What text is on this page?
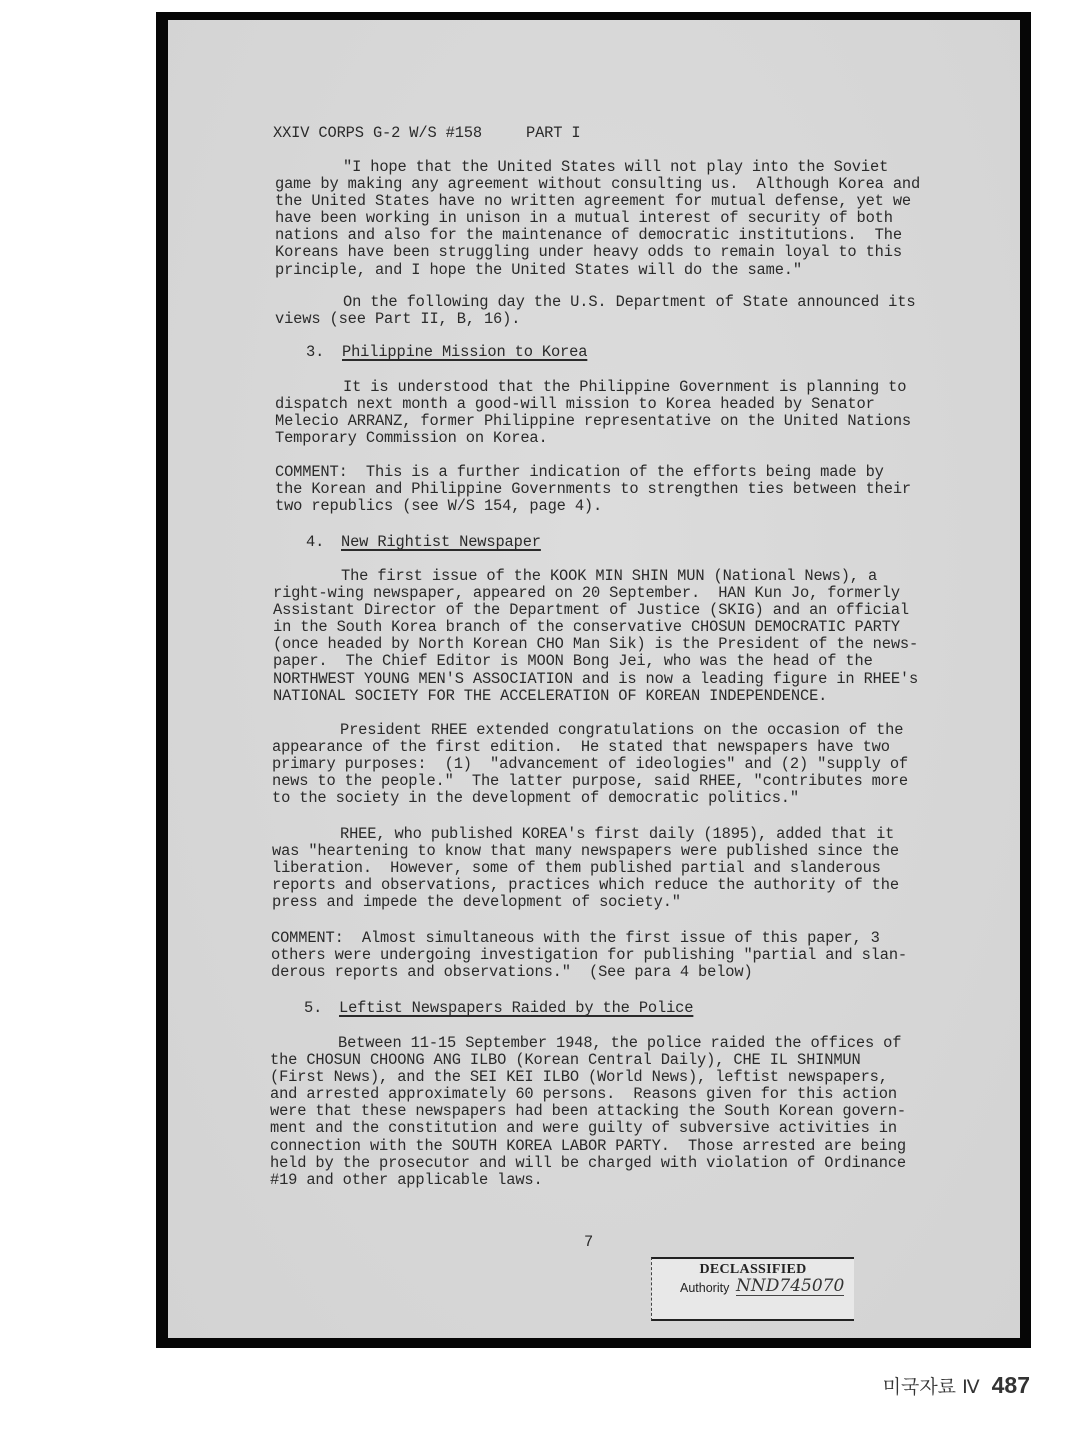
XXIV CORPS G-2 W/S #158	PART I
"I hope that the United States will not play into the Soviet
game by making any agreement without consulting us.  Although Korea and
the United States have no written agreement for mutual defense, yet we
have been working in unison in a mutual interest of security of both
nations and also for the maintenance of democratic institutions.  The
Koreans have been struggling under heavy odds to remain loyal to this
principle, and I hope the United States will do the same."
On the following day the U.S. Department of State announced its
views (see Part II, B, 16).
3. Philippine Mission to Korea
It is understood that the Philippine Government is planning to
dispatch next month a good-will mission to Korea headed by Senator
Melecio ARRANZ, former Philippine representative on the United Nations
Temporary Commission on Korea.
COMMENT:  This is a further indication of the efforts being made by
the Korean and Philippine Governments to strengthen ties between their
two republics (see W/S 154, page 4).
4. New Rightist Newspaper
The first issue of the KOOK MIN SHIN MUN (National News), a
right-wing newspaper, appeared on 20 September.  HAN Kun Jo, formerly
Assistant Director of the Department of Justice (SKIG) and an official
in the South Korea branch of the conservative CHOSUN DEMOCRATIC PARTY
(once headed by North Korean CHO Man Sik) is the President of the news-
paper.  The Chief Editor is MOON Bong Jei, who was the head of the
NORTHWEST YOUNG MEN'S ASSOCIATION and is now a leading figure in RHEE's
NATIONAL SOCIETY FOR THE ACCELERATION OF KOREAN INDEPENDENCE.
President RHEE extended congratulations on the occasion of the
appearance of the first edition.  He stated that newspapers have two
primary purposes:  (1)  "advancement of ideologies" and (2) "supply of
news to the people."  The latter purpose, said RHEE, "contributes more
to the society in the development of democratic politics."
RHEE, who published KOREA's first daily (1895), added that it
was "heartening to know that many newspapers were published since the
liberation.  However, some of them published partial and slanderous
reports and observations, practices which reduce the authority of the
press and impede the development of society."
COMMENT:  Almost simultaneous with the first issue of this paper, 3
others were undergoing investigation for publishing "partial and slan-
derous reports and observations."  (See para 4 below)
5. Leftist Newspapers Raided by the Police
Between 11-15 September 1948, the police raided the offices of
the CHOSUN CHOONG ANG ILBO (Korean Central Daily), CHE IL SHINMUN
(First News), and the SEI KEI ILBO (World News), leftist newspapers,
and arrested approximately 60 persons.  Reasons given for this action
were that these newspapers had been attacking the South Korean govern-
ment and the constitution and were guilty of subversive activities in
connection with the SOUTH KOREA LABOR PARTY.  Those arrested are being
held by the prosecutor and will be charged with violation of Ordinance
#19 and other applicable laws.
7
DECLASSIFIED
Authority NND745070
미국자료 Ⅳ 487
